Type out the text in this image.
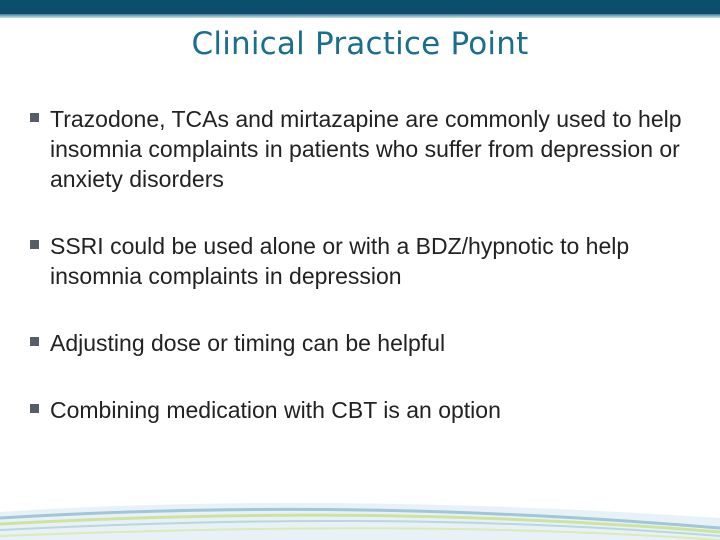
Clinical Practice Point
Trazodone, TCAs and mirtazapine are commonly used to help insomnia complaints in patients who suffer from depression or anxiety disorders
SSRI could be used alone or with a BDZ/hypnotic to help insomnia complaints in depression
Adjusting dose or timing can be helpful
Combining medication with CBT is an option
